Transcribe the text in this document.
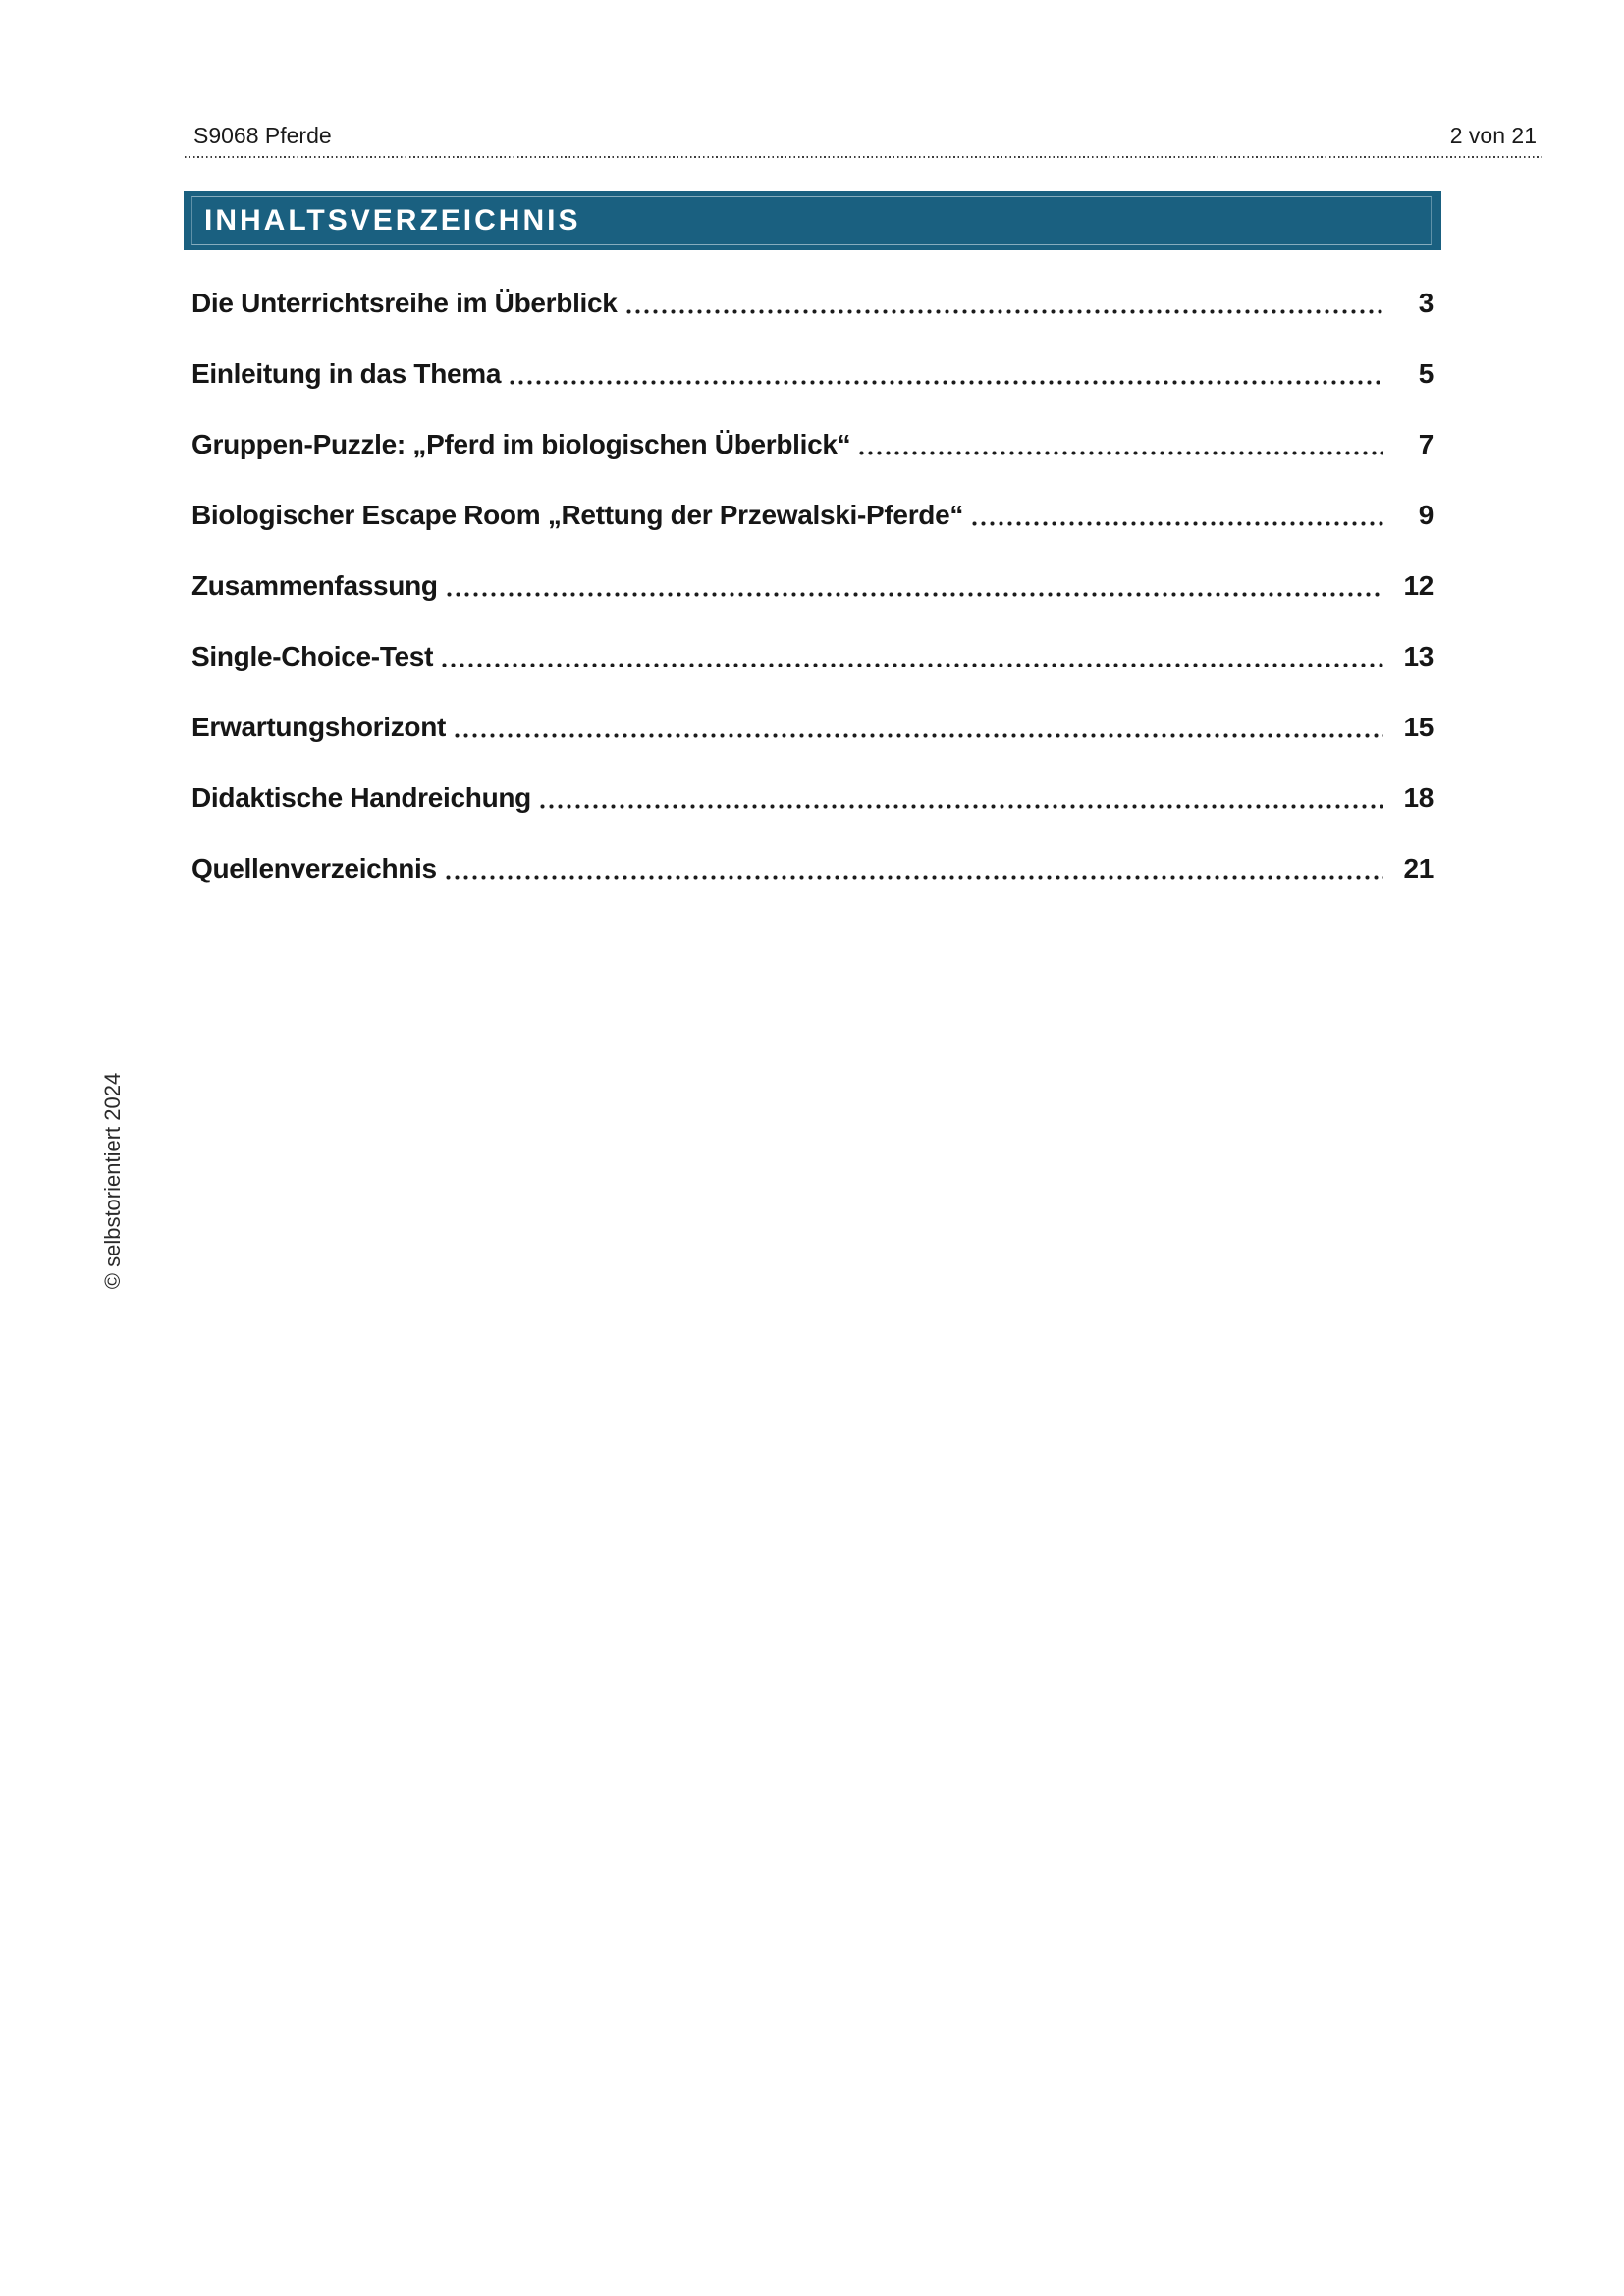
S9068 Pferde	2 von 21
INHALTSVERZEICHNIS
Die Unterrichtsreihe im Überblick	3
Einleitung in das Thema	5
Gruppen-Puzzle: „Pferd im biologischen Überblick“	7
Biologischer Escape Room „Rettung der Przewalski-Pferde“	9
Zusammenfassung	12
Single-Choice-Test	13
Erwartungshorizont	15
Didaktische Handreichung	18
Quellenverzeichnis	21
© selbstorientiert 2024
